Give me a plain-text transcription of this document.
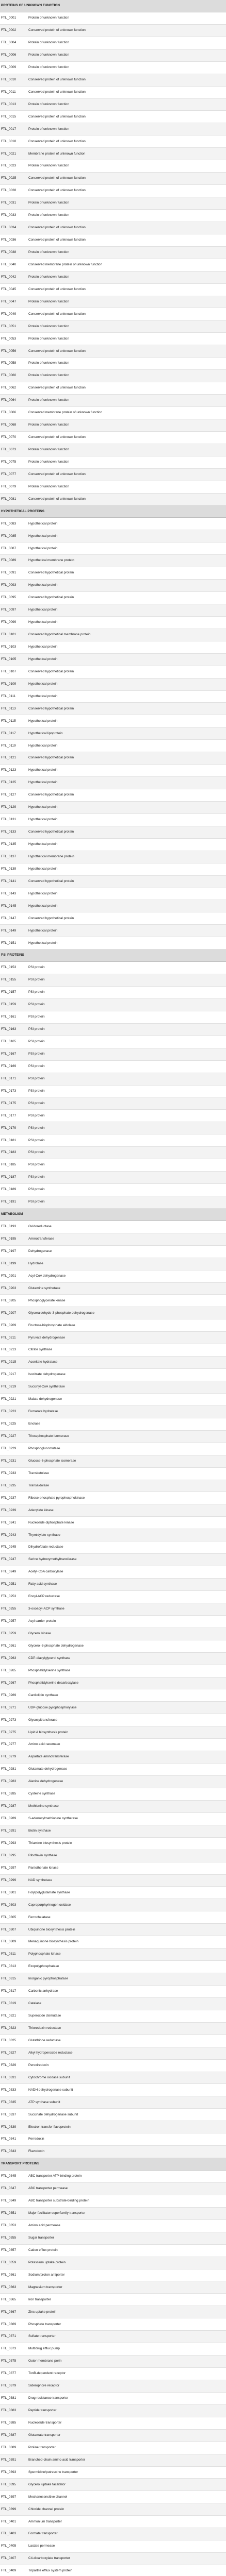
PROTEINS OF UNKNOWN FUNCTION
FTL_0001	Protein of unknown function
FTL_0002	Conserved protein of unknown function
FTL_0004	Protein of unknown function
FTL_0006	Protein of unknown function
FTL_0009	Protein of unknown function
FTL_0010	Conserved protein of unknown function
FTL_0011	Conserved protein of unknown function
FTL_0013	Protein of unknown function
FTL_0015	Conserved protein of unknown function
FTL_0017	Protein of unknown function
FTL_0018	Conserved protein of unknown function
FTL_0021	Membrane protein of unknown function
FTL_0023	Protein of unknown function
FTL_0025	Conserved protein of unknown function
FTL_0028	Conserved protein of unknown function
FTL_0031	Protein of unknown function
FTL_0033	Protein of unknown function
FTL_0034	Conserved protein of unknown function
FTL_0036	Conserved protein of unknown function
FTL_0038	Protein of unknown function
FTL_0040	Conserved membrane protein of unknown function
FTL_0042	Protein of unknown function
FTL_0045	Conserved protein of unknown function
FTL_0047	Protein of unknown function
FTL_0049	Conserved protein of unknown function
FTL_0051	Protein of unknown function
FTL_0053	Protein of unknown function
FTL_0056	Conserved protein of unknown function
FTL_0058	Protein of unknown function
FTL_0060	Protein of unknown function
FTL_0062	Conserved protein of unknown function
FTL_0064	Protein of unknown function
FTL_0066	Conserved membrane protein of unknown function
FTL_0068	Protein of unknown function
FTL_0070	Conserved protein of unknown function
FTL_0073	Protein of unknown function
FTL_0075	Protein of unknown function
FTL_0077	Conserved protein of unknown function
FTL_0079	Protein of unknown function
FTL_0081	Conserved protein of unknown function
HYPOTHETICAL PROTEINS
FTL_0083	Hypothetical protein
FTL_0085	Hypothetical protein
FTL_0087	Hypothetical protein
FTL_0089	Hypothetical membrane protein
FTL_0091	Conserved hypothetical protein
FTL_0093	Hypothetical protein
FTL_0095	Conserved hypothetical protein
FTL_0097	Hypothetical protein
FTL_0099	Hypothetical protein
FTL_0101	Conserved hypothetical membrane protein
FTL_0103	Hypothetical protein
FTL_0105	Hypothetical protein
FTL_0107	Conserved hypothetical protein
FTL_0109	Hypothetical protein
FTL_0111	Hypothetical protein
FTL_0113	Conserved hypothetical protein
FTL_0115	Hypothetical protein
FTL_0117	Hypothetical lipoprotein
FTL_0119	Hypothetical protein
FTL_0121	Conserved hypothetical protein
FTL_0123	Hypothetical protein
FTL_0125	Hypothetical protein
FTL_0127	Conserved hypothetical protein
FTL_0129	Hypothetical protein
FTL_0131	Hypothetical protein
FTL_0133	Conserved hypothetical protein
FTL_0135	Hypothetical protein
FTL_0137	Hypothetical membrane protein
FTL_0139	Hypothetical protein
FTL_0141	Conserved hypothetical protein
FTL_0143	Hypothetical protein
FTL_0145	Hypothetical protein
FTL_0147	Conserved hypothetical protein
FTL_0149	Hypothetical protein
FTL_0151	Hypothetical protein
PSI PROTEINS
FTL_0153	PSI protein
FTL_0155	PSI protein
FTL_0157	PSI protein
FTL_0159	PSI protein
FTL_0161	PSI protein
FTL_0163	PSI protein
FTL_0165	PSI protein
FTL_0167	PSI protein
FTL_0169	PSI protein
FTL_0171	PSI protein
FTL_0173	PSI protein
FTL_0175	PSI protein
FTL_0177	PSI protein
FTL_0179	PSI protein
FTL_0181	PSI protein
FTL_0183	PSI protein
FTL_0185	PSI protein
FTL_0187	PSI protein
FTL_0189	PSI protein
FTL_0191	PSI protein
METABOLISM
FTL_0193	Oxidoreductase
FTL_0195	Aminotransferase
FTL_0197	Dehydrogenase
FTL_0199	Hydrolase
FTL_0201	Acyl-CoA dehydrogenase
FTL_0203	Glutamine synthetase
FTL_0205	Phosphoglycerate kinase
FTL_0207	Glyceraldehyde-3-phosphate dehydrogenase
FTL_0209	Fructose-bisphosphate aldolase
FTL_0211	Pyruvate dehydrogenase
FTL_0213	Citrate synthase
FTL_0215	Aconitate hydratase
FTL_0217	Isocitrate dehydrogenase
FTL_0219	Succinyl-CoA synthetase
FTL_0221	Malate dehydrogenase
FTL_0223	Fumarate hydratase
FTL_0225	Enolase
FTL_0227	Triosephosphate isomerase
FTL_0229	Phosphoglucomutase
FTL_0231	Glucose-6-phosphate isomerase
FTL_0233	Transketolase
FTL_0235	Transaldolase
FTL_0237	Ribose-phosphate pyrophosphokinase
FTL_0239	Adenylate kinase
FTL_0241	Nucleoside diphosphate kinase
FTL_0243	Thymidylate synthase
FTL_0245	Dihydrofolate reductase
FTL_0247	Serine hydroxymethyltransferase
FTL_0249	Acetyl-CoA carboxylase
FTL_0251	Fatty acid synthase
FTL_0253	Enoyl-ACP reductase
FTL_0255	3-oxoacyl-ACP synthase
FTL_0257	Acyl carrier protein
FTL_0259	Glycerol kinase
FTL_0261	Glycerol-3-phosphate dehydrogenase
FTL_0263	CDP-diacylglycerol synthase
FTL_0265	Phosphatidylserine synthase
FTL_0267	Phosphatidylserine decarboxylase
FTL_0269	Cardiolipin synthase
FTL_0271	UDP-glucose pyrophosphorylase
FTL_0273	Glycosyltransferase
FTL_0275	Lipid A biosynthesis protein
FTL_0277	Amino acid racemase
FTL_0279	Aspartate aminotransferase
FTL_0281	Glutamate dehydrogenase
FTL_0283	Alanine dehydrogenase
FTL_0285	Cysteine synthase
FTL_0287	Methionine synthase
FTL_0289	S-adenosylmethionine synthetase
FTL_0291	Biotin synthase
FTL_0293	Thiamine biosynthesis protein
FTL_0295	Riboflavin synthase
FTL_0297	Pantothenate kinase
FTL_0299	NAD synthetase
FTL_0301	Folylpolyglutamate synthase
FTL_0303	Coproporphyrinogen oxidase
FTL_0305	Ferrochelatase
FTL_0307	Ubiquinone biosynthesis protein
FTL_0309	Menaquinone biosynthesis protein
FTL_0311	Polyphosphate kinase
FTL_0313	Exopolyphosphatase
FTL_0315	Inorganic pyrophosphatase
FTL_0317	Carbonic anhydrase
FTL_0319	Catalase
FTL_0321	Superoxide dismutase
FTL_0323	Thioredoxin reductase
FTL_0325	Glutathione reductase
FTL_0327	Alkyl hydroperoxide reductase
FTL_0329	Peroxiredoxin
FTL_0331	Cytochrome oxidase subunit
FTL_0333	NADH dehydrogenase subunit
FTL_0335	ATP synthase subunit
FTL_0337	Succinate dehydrogenase subunit
FTL_0339	Electron transfer flavoprotein
FTL_0341	Ferredoxin
FTL_0343	Flavodoxin
TRANSPORT PROTEINS
FTL_0345	ABC transporter ATP-binding protein
FTL_0347	ABC transporter permease
FTL_0349	ABC transporter substrate-binding protein
FTL_0351	Major facilitator superfamily transporter
FTL_0353	Amino acid permease
FTL_0355	Sugar transporter
FTL_0357	Cation efflux protein
FTL_0359	Potassium uptake protein
FTL_0361	Sodium/proton antiporter
FTL_0363	Magnesium transporter
FTL_0365	Iron transporter
FTL_0367	Zinc uptake protein
FTL_0369	Phosphate transporter
FTL_0371	Sulfate transporter
FTL_0373	Multidrug efflux pump
FTL_0375	Outer membrane porin
FTL_0377	TonB-dependent receptor
FTL_0379	Siderophore receptor
FTL_0381	Drug resistance transporter
FTL_0383	Peptide transporter
FTL_0385	Nucleoside transporter
FTL_0387	Glutamate transporter
FTL_0389	Proline transporter
FTL_0391	Branched-chain amino acid transporter
FTL_0393	Spermidine/putrescine transporter
FTL_0395	Glycerol uptake facilitator
FTL_0397	Mechanosensitive channel
FTL_0399	Chloride channel protein
FTL_0401	Ammonium transporter
FTL_0403	Formate transporter
FTL_0405	Lactate permease
FTL_0407	C4-dicarboxylate transporter
FTL_0409	Tripartite efflux system protein
